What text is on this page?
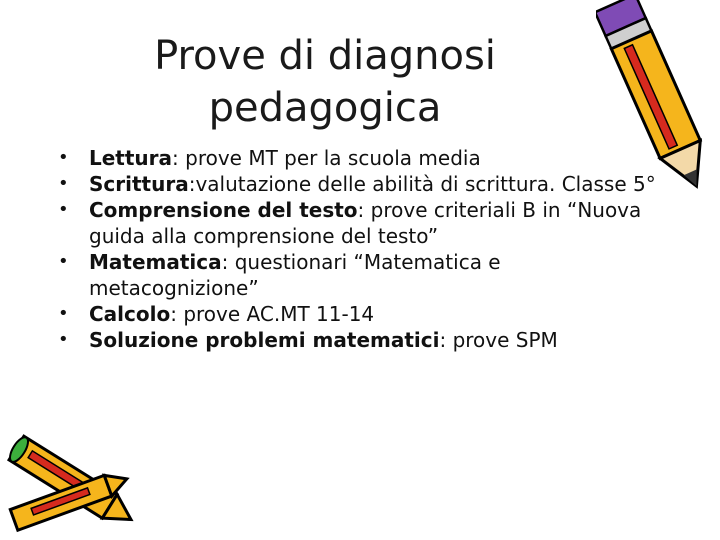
Prove di diagnosi
pedagogica
• Lettura: prove MT per la scuola media
• Scrittura:valutazione delle abilità di scrittura. Classe 5°
• Comprensione del testo: prove criteriali B in “Nuova guida alla comprensione del testo”
• Matematica: questionari “Matematica e metacognizione”
• Calcolo: prove AC.MT 11-14
• Soluzione problemi matematici: prove SPM
